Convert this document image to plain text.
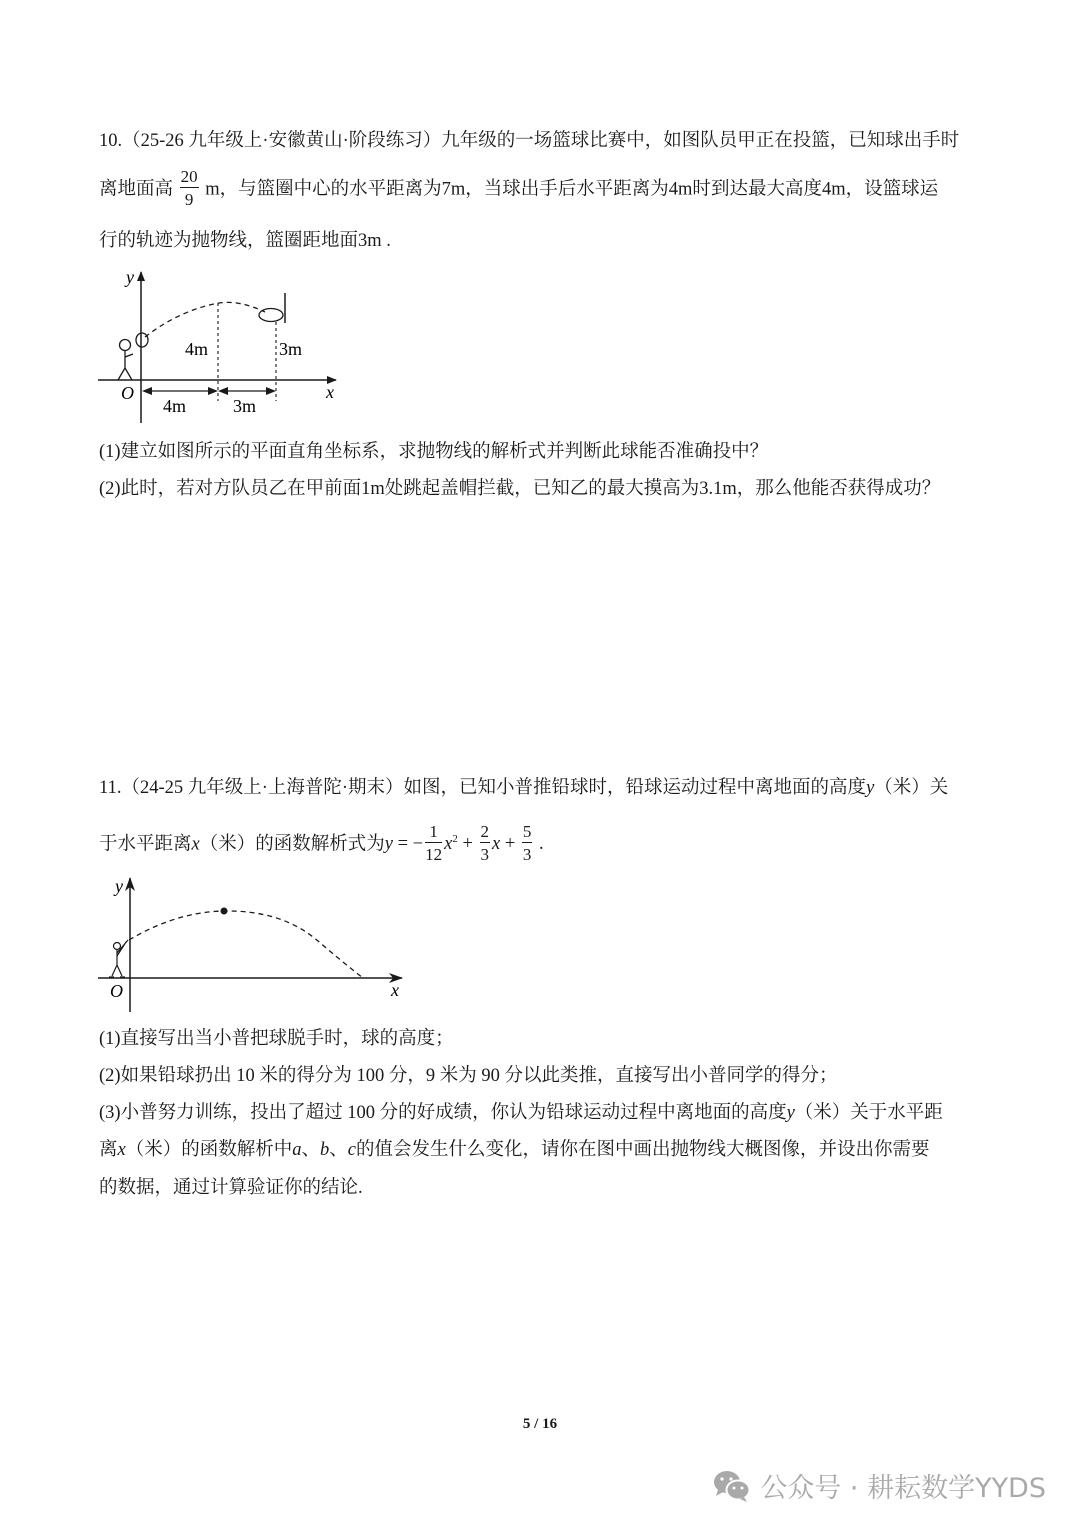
10.（25-26 九年级上·安徽黄山·阶段练习）九年级的一场篮球比赛中，如图队员甲正在投篮，已知球出手时
离地面高 $\frac{20}{9}$ m，与篮圈中心的水平距离为7m，当球出手后水平距离为4m时到达最大高度4m，设篮球运
行的轨迹为抛物线，篮圈距地面3m .
y
x
O
4m	3m
4m	3m
(1)建立如图所示的平面直角坐标系，求抛物线的解析式并判断此球能否准确投中？
(2)此时，若对方队员乙在甲前面1m处跳起盖帽拦截，已知乙的最大摸高为3.1m，那么他能否获得成功？
11.（24-25 九年级上·上海普陀·期末）如图，已知小普推铅球时，铅球运动过程中离地面的高度y（米）关
于水平距离x（米）的函数解析式为y = − $\frac{1}{12} x^2 + \frac{2}{3}$ $x + \frac{5}{3}$ .
y
x
O
(1)直接写出当小普把球脱手时，球的高度；
(2)如果铅球扔出 10 米的得分为 100 分，9 米为 90 分以此类推，直接写出小普同学的得分；
(3)小普努力训练，投出了超过 100 分的好成绩，你认为铅球运动过程中离地面的高度y（米）关于水平距
离x（米）的函数解析中a、b、c的值会发生什么变化，请你在图中画出抛物线大概图像，并设出你需要
的数据，通过计算验证你的结论.
5 / 16
公众号 · 耕耘数学YYDS
